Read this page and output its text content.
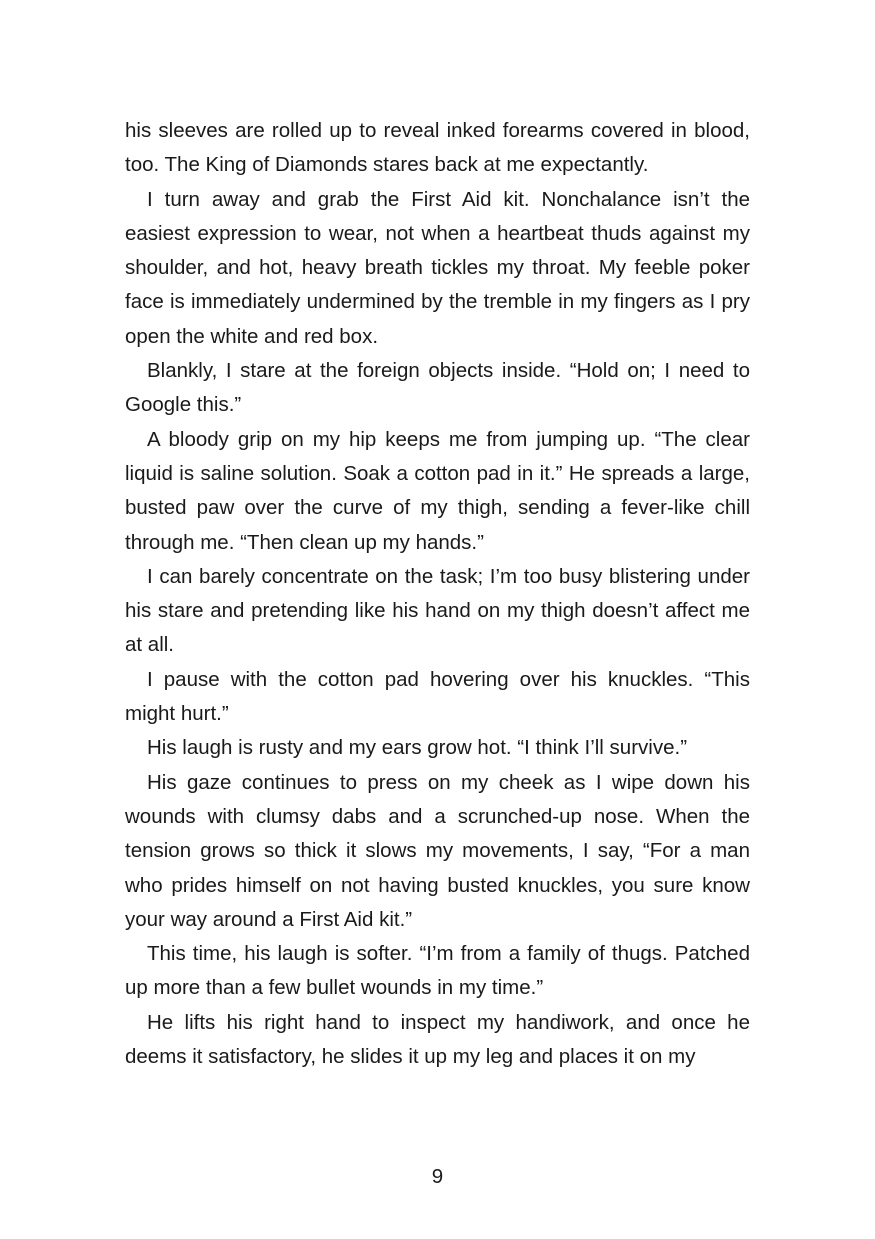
his sleeves are rolled up to reveal inked forearms covered in blood, too. The King of Diamonds stares back at me expectantly.

I turn away and grab the First Aid kit. Nonchalance isn’t the easiest expression to wear, not when a heartbeat thuds against my shoulder, and hot, heavy breath tickles my throat. My feeble poker face is immediately undermined by the tremble in my fingers as I pry open the white and red box.

Blankly, I stare at the foreign objects inside. “Hold on; I need to Google this.”

A bloody grip on my hip keeps me from jumping up. “The clear liquid is saline solution. Soak a cotton pad in it.” He spreads a large, busted paw over the curve of my thigh, sending a fever-like chill through me. “Then clean up my hands.”

I can barely concentrate on the task; I’m too busy blistering under his stare and pretending like his hand on my thigh doesn’t affect me at all.

I pause with the cotton pad hovering over his knuckles. “This might hurt.”

His laugh is rusty and my ears grow hot. “I think I’ll survive.”

His gaze continues to press on my cheek as I wipe down his wounds with clumsy dabs and a scrunched-up nose. When the tension grows so thick it slows my movements, I say, “For a man who prides himself on not having busted knuckles, you sure know your way around a First Aid kit.”

This time, his laugh is softer. “I’m from a family of thugs. Patched up more than a few bullet wounds in my time.”

He lifts his right hand to inspect my handiwork, and once he deems it satisfactory, he slides it up my leg and places it on my

9
